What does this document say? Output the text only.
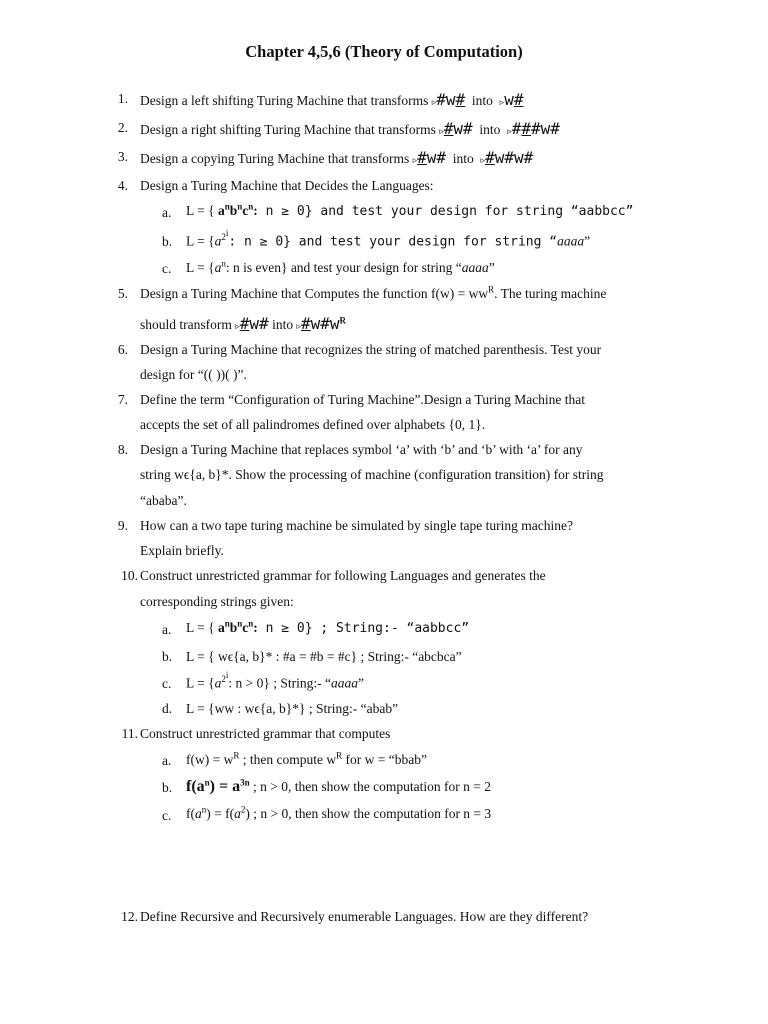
Chapter 4,5,6 (Theory of Computation)
1. Design a left shifting Turing Machine that transforms ▹#w#  into  ▹w#
2. Design a right shifting Turing Machine that transforms ▹#w#  into  ▹###w#
3. Design a copying Turing Machine that transforms ▹#w#  into  ▹#w#w#
4. Design a Turing Machine that Decides the Languages:
a. L = { $a^nb^nc^n$: n ≥ 0} and test your design for string “aabbcc”
b. $L = \{a^{2^i}$: n ≥ 0} and test your design for string “aaaa”
c. $L = \{a^n$: n is even} and test your design for string “aaaa”
5. Design a Turing Machine that Computes the function $f(w) = ww^R$. The turing machine
should transform ▹#w# into $▹\#w\#w^R$
6. Design a Turing Machine that recognizes the string of matched parenthesis. Test your
design for “(( ))( )”.
7. Define the term “Configuration of Turing Machine”.Design a Turing Machine that
accepts the set of all palindromes defined over alphabets {0, 1}.
8. Design a Turing Machine that replaces symbol ‘a’ with ‘b’ and ‘b’ with ‘a’ for any
string wϵ{a, b}*. Show the processing of machine (configuration transition) for string
“ababa”.
9. How can a two tape turing machine be simulated by single tape turing machine?
Explain briefly.
10. Construct unrestricted grammar for following Languages and generates the
corresponding strings given:
a. L = { $a^nb^nc^n$: n ≥ 0} ; String:- “aabbcc”
b. L = { wϵ{a, b}* : #a = #b = #c} ; String:- “abcbca”
c. $L = \{a^{2^i}$: n > 0} ; String:- “aaaa”
d. L = {ww : wϵ{a, b}*} ; String:- “abab”
11. Construct unrestricted grammar that computes
a. $f(w) = w^R$ ; then compute $w^R$ for w = “bbab”
b. $f(a^n) = a^{3n}$ ; n > 0, then show the computation for n = 2
c. $f(a^n) = f(a^2)$ ; n > 0, then show the computation for n = 3
12. Define Recursive and Recursively enumerable Languages. How are they different?
